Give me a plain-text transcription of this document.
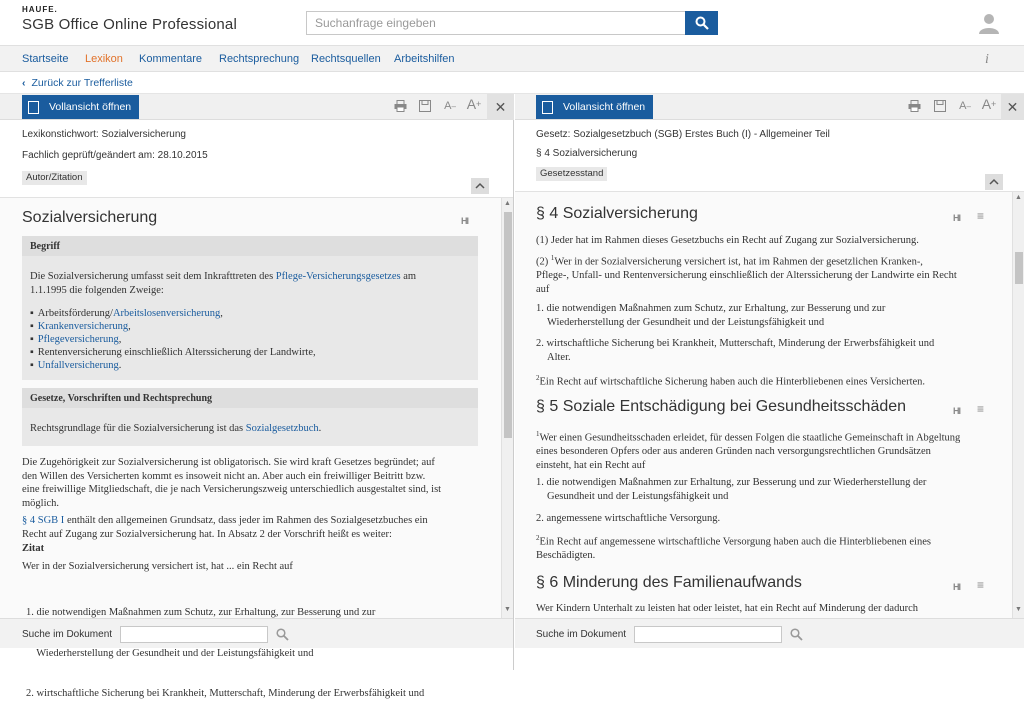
HAUFE.
SGB Office Online Professional
Suchanfrage eingeben
Startseite Lexikon Kommentare Rechtsprechung Rechtsquellen Arbeitshilfen	i
‹ Zurück zur Trefferliste
Vollansicht öffnen	A – A + ✕
Lexikonstichwort: Sozialversicherung
Fachlich geprüft/geändert am: 28.10.2015
Autor/Zitation
Sozialversicherung	HI
Begriff
Die Sozialversicherung umfasst seit dem Inkrafttreten des Pflege-Versicherungsgesetzes am
1.1.1995 die folgenden Zweige:
▪ Arbeitsförderung/Arbeitslosenversicherung,
▪ Krankenversicherung,
▪ Pflegeversicherung,
▪ Rentenversicherung einschließlich Alterssicherung der Landwirte,
▪ Unfallversicherung.
Gesetze, Vorschriften und Rechtsprechung
Rechtsgrundlage für die Sozialversicherung ist das Sozialgesetzbuch.
Die Zugehörigkeit zur Sozialversicherung ist obligatorisch. Sie wird kraft Gesetzes begründet; auf
den Willen des Versicherten kommt es insoweit nicht an. Aber auch ein freiwilliger Beitritt bzw.
eine freiwillige Mitgliedschaft, die je nach Versicherungszweig unterschiedlich ausgestaltet sind, ist
möglich.
§ 4 SGB I enthält den allgemeinen Grundsatz, dass jeder im Rahmen des Sozialgesetzbuches ein
Recht auf Zugang zur Sozialversicherung hat. In Absatz 2 der Vorschrift heißt es weiter:
Zitat
Wer in der Sozialversicherung versichert ist, hat ... ein Recht auf

1. die notwendigen Maßnahmen zum Schutz, zur Erhaltung, zur Besserung und zur

Wiederherstellung der Gesundheit und der Leistungsfähigkeit und

2. wirtschaftliche Sicherung bei Krankheit, Mutterschaft, Minderung der Erwerbsfähigkeit und

▲
▼
Suche im Dokument
Vollansicht öffnen	A – A + ✕
Gesetz: Sozialgesetzbuch (SGB) Erstes Buch (I) - Allgemeiner Teil
§ 4 Sozialversicherung
Gesetzesstand
§ 4 Sozialversicherung	HI ≡
(1) Jeder hat im Rahmen dieses Gesetzbuchs ein Recht auf Zugang zur Sozialversicherung.
(2) $^1$Wer in der Sozialversicherung versichert ist, hat im Rahmen der gesetzlichen Kranken-,
Pflege-, Unfall- und Rentenversicherung einschließlich der Alterssicherung der Landwirte ein Recht
auf
1. die notwendigen Maßnahmen zum Schutz, zur Erhaltung, zur Besserung und zur
Wiederherstellung der Gesundheit und der Leistungsfähigkeit und
2. wirtschaftliche Sicherung bei Krankheit, Mutterschaft, Minderung der Erwerbsfähigkeit und
Alter.
$^2$Ein Recht auf wirtschaftliche Sicherung haben auch die Hinterbliebenen eines Versicherten.
§ 5 Soziale Entschädigung bei Gesundheitsschäden	HI ≡
$^1$Wer einen Gesundheitsschaden erleidet, für dessen Folgen die staatliche Gemeinschaft in Abgeltung
eines besonderen Opfers oder aus anderen Gründen nach versorgungsrechtlichen Grundsätzen
einsteht, hat ein Recht auf
1. die notwendigen Maßnahmen zur Erhaltung, zur Besserung und zur Wiederherstellung der
Gesundheit und der Leistungsfähigkeit und
2. angemessene wirtschaftliche Versorgung.
$^2$Ein Recht auf angemessene wirtschaftliche Versorgung haben auch die Hinterbliebenen eines
Beschädigten.
§ 6 Minderung des Familienaufwands	HI ≡
Wer Kindern Unterhalt zu leisten hat oder leistet, hat ein Recht auf Minderung der dadurch
▲
▼
Suche im Dokument
